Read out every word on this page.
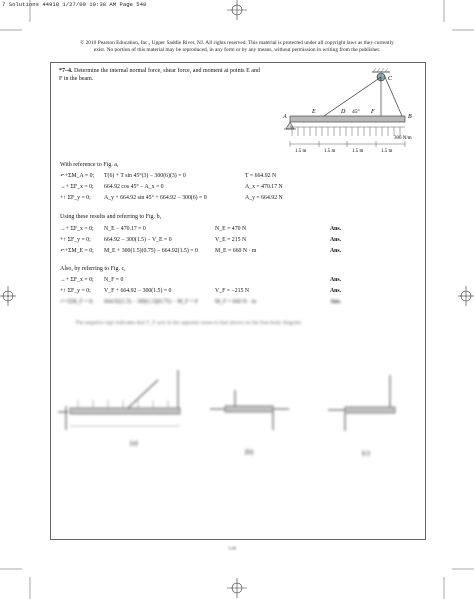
7 Solutions 44918 1/27/09 10:38 AM Page 548
© 2010 Pearson Education, Inc., Upper Saddle River, NJ. All rights reserved. This material is protected under all copyright laws as they currently
exist. No portion of this material may be reproduced, in any form or by any means, without permission in writing from the publisher.
*7–4. Determine the internal normal force, shear force, and moment at points E and F in the beam.
A
E	D 45° F
B
C
300 N/m
1.5 m	1.5 m	1.5 m	1.5 m
With reference to Fig. a,
↶+ΣM_A = 0; T(6) + T sin 45°(3) − 300(6)(3) = 0	T = 664.92 N
→+ ΣF_x = 0; 664.92 cos 45° − A_x = 0	A_x = 470.17 N
+↑ ΣF_y = 0; A_y + 664.92 sin 45° + 664.92 − 300(6) = 0	A_y = 664.92 N
Using these results and referring to Fig. b,
→+ ΣF_x = 0; N_E − 470.17 = 0	N_E = 470 N	Ans.
+↑ ΣF_y = 0; 664.92 − 300(1.5) − V_E = 0	V_E = 215 N	Ans.
↶+ΣM_E = 0; M_E + 300(1.5)(0.75) − 664.92(1.5) = 0	M_E = 660 N · m	Ans.
Also, by referring to Fig. c,
→+ ΣF_x = 0; N_F = 0	Ans.
+↑ ΣF_y = 0; V_F + 664.92 − 300(1.5) = 0	V_F = −215 N	Ans.
↶+ΣM_F = 0; 664.92(1.5) − 300(1.5)(0.75) − M_F = 0	M_F = 660 N · m	Ans.
The negative sign indicates that V_F acts in the opposite sense to that shown on the free-body diagram.
(a)
(b)	(c)
548
